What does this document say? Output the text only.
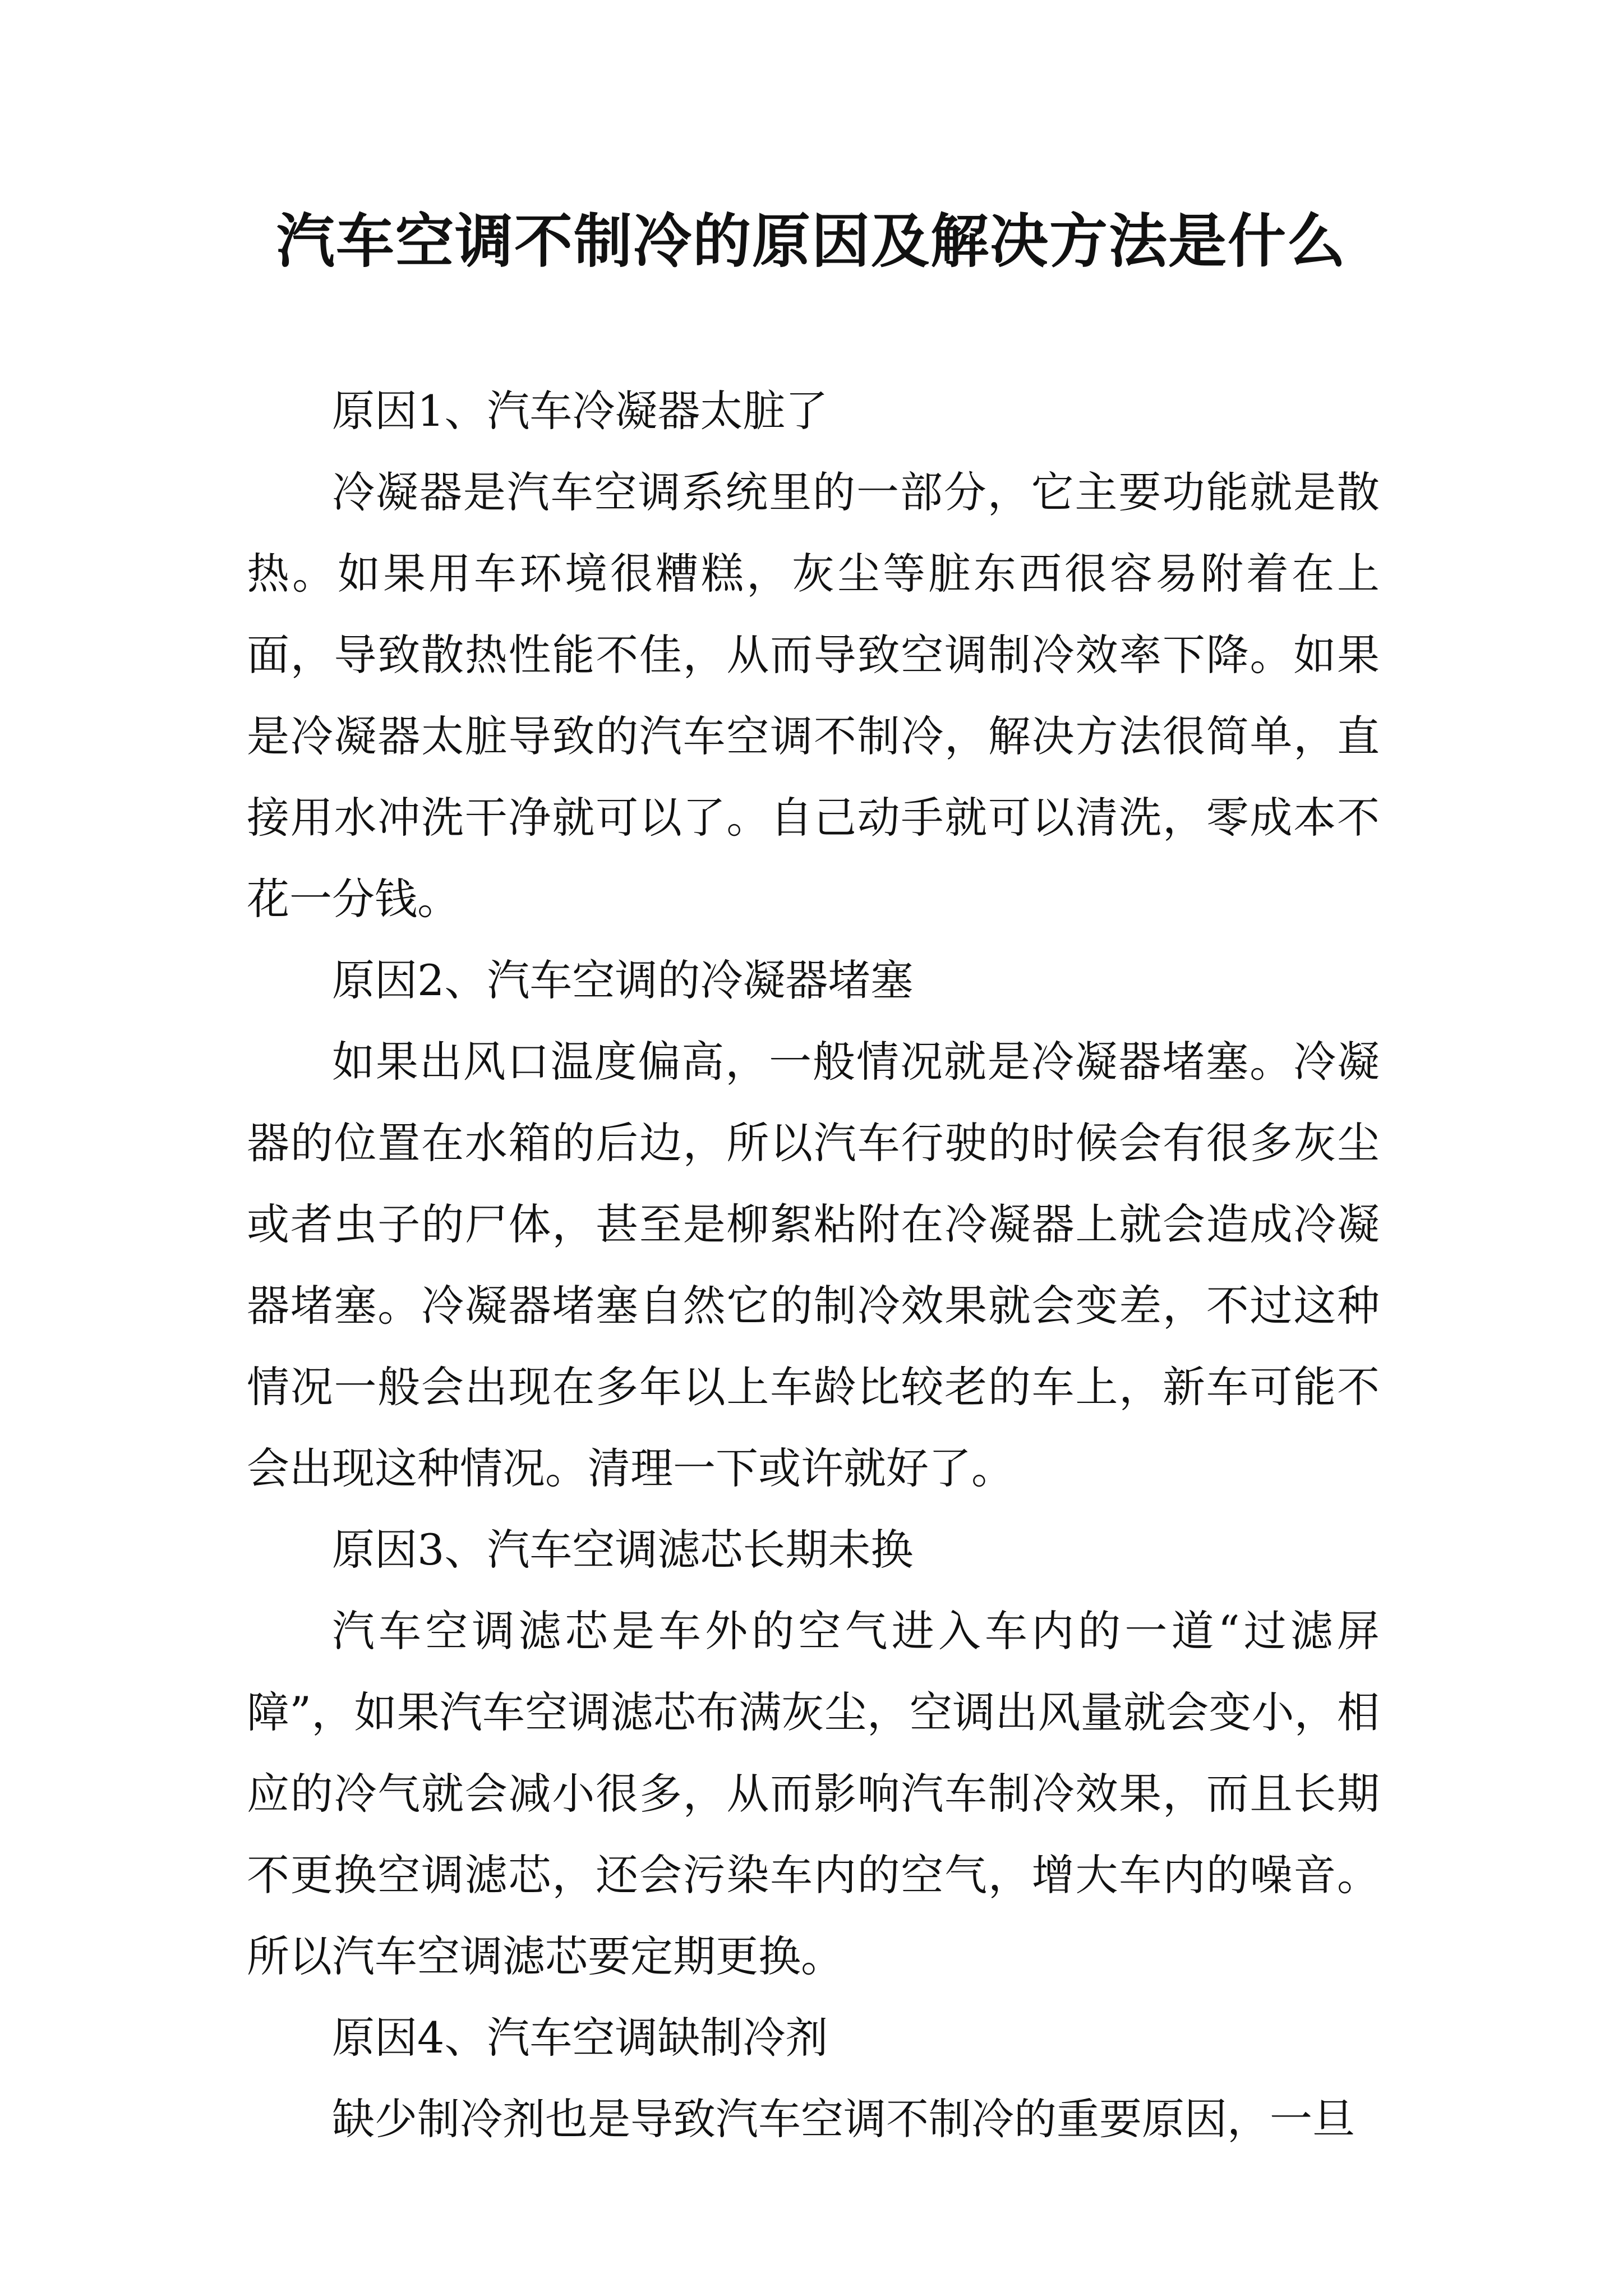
汽车空调不制冷的原因及解决方法是什么

原因1、汽车冷凝器太脏了

冷凝器是汽车空调系统里的一部分，它主要功能就是散热。如果用车环境很糟糕，灰尘等脏东西很容易附着在上面，导致散热性能不佳，从而导致空调制冷效率下降。如果是冷凝器太脏导致的汽车空调不制冷，解决方法很简单，直接用水冲洗干净就可以了。自己动手就可以清洗，零成本不花一分钱。

原因2、汽车空调的冷凝器堵塞

如果出风口温度偏高，一般情况就是冷凝器堵塞。冷凝器的位置在水箱的后边，所以汽车行驶的时候会有很多灰尘或者虫子的尸体，甚至是柳絮粘附在冷凝器上就会造成冷凝器堵塞。冷凝器堵塞自然它的制冷效果就会变差，不过这种情况一般会出现在多年以上车龄比较老的车上，新车可能不会出现这种情况。清理一下或许就好了。

原因3、汽车空调滤芯长期未换

汽车空调滤芯是车外的空气进入车内的一道“过滤屏障”，如果汽车空调滤芯布满灰尘，空调出风量就会变小，相应的冷气就会减小很多，从而影响汽车制冷效果，而且长期不更换空调滤芯，还会污染车内的空气，增大车内的噪音。所以汽车空调滤芯要定期更换。

原因4、汽车空调缺制冷剂

缺少制冷剂也是导致汽车空调不制冷的重要原因，一旦
